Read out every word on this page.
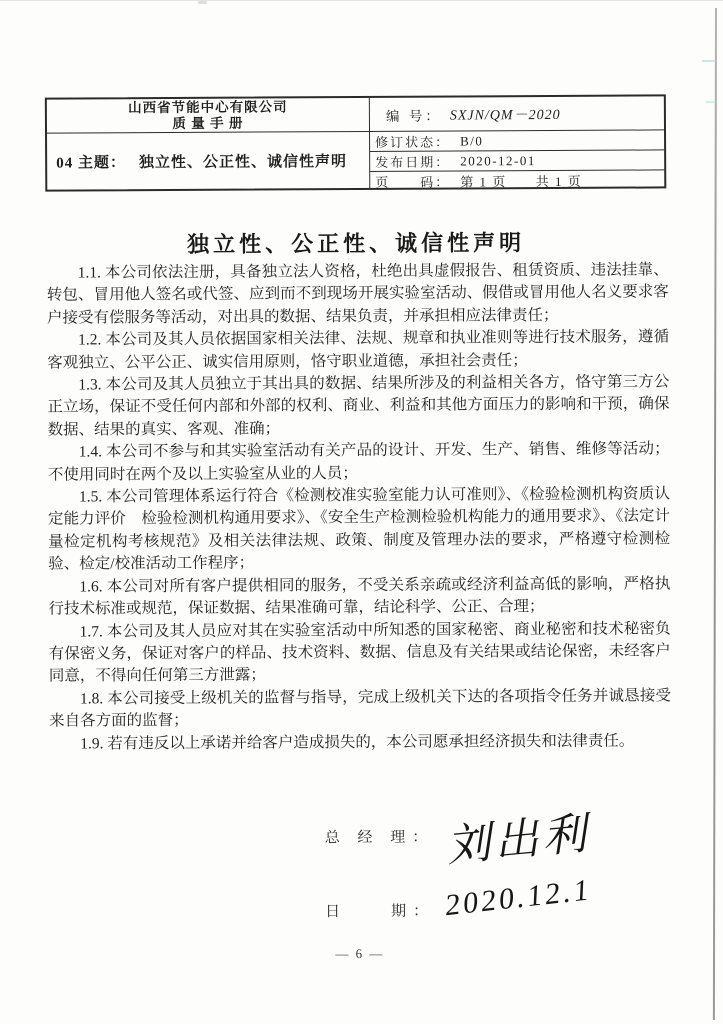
山西省节能中心有限公司
质 量 手 册	编 号： SXJN/QM－2020
04 主题： 独立性、公正性、诚信性声明
修订状态： B/0
发布日期： 2020-12-01
页　　码： 第 1 页　　共 1 页
独立性、公正性、诚信性声明

1.1. 本公司依法注册，具备独立法人资格，杜绝出具虚假报告、租赁资质、违法挂靠、转包、冒用他人签名或代签、应到而不到现场开展实验室活动、假借或冒用他人名义要求客户接受有偿服务等活动，对出具的数据、结果负责，并承担相应法律责任；

1.2. 本公司及其人员依据国家相关法律、法规、规章和执业准则等进行技术服务，遵循客观独立、公平公正、诚实信用原则，恪守职业道德，承担社会责任；

1.3. 本公司及其人员独立于其出具的数据、结果所涉及的利益相关各方，恪守第三方公正立场，保证不受任何内部和外部的权利、商业、利益和其他方面压力的影响和干预，确保数据、结果的真实、客观、准确；

1.4. 本公司不参与和其实验室活动有关产品的设计、开发、生产、销售、维修等活动；不使用同时在两个及以上实验室从业的人员；

1.5. 本公司管理体系运行符合《检测校准实验室能力认可准则》、《检验检测机构资质认定能力评价　检验检测机构通用要求》、《安全生产检测检验机构能力的通用要求》、《法定计量检定机构考核规范》及相关法律法规、政策、制度及管理办法的要求，严格遵守检测检验、检定/校准活动工作程序；

1.6. 本公司对所有客户提供相同的服务，不受关系亲疏或经济利益高低的影响，严格执行技术标准或规范，保证数据、结果准确可靠，结论科学、公正、合理；

1.7. 本公司及其人员应对其在实验室活动中所知悉的国家秘密、商业秘密和技术秘密负有保密义务，保证对客户的样品、技术资料、数据、信息及有关结果或结论保密，未经客户同意，不得向任何第三方泄露；

1.8. 本公司接受上级机关的监督与指导，完成上级机关下达的各项指令任务并诚恳接受来自各方面的监督；

1.9. 若有违反以上承诺并给客户造成损失的，本公司愿承担经济损失和法律责任。

总 经 理： 刘出利
日　　期： 2020.12.1
— 6 —
